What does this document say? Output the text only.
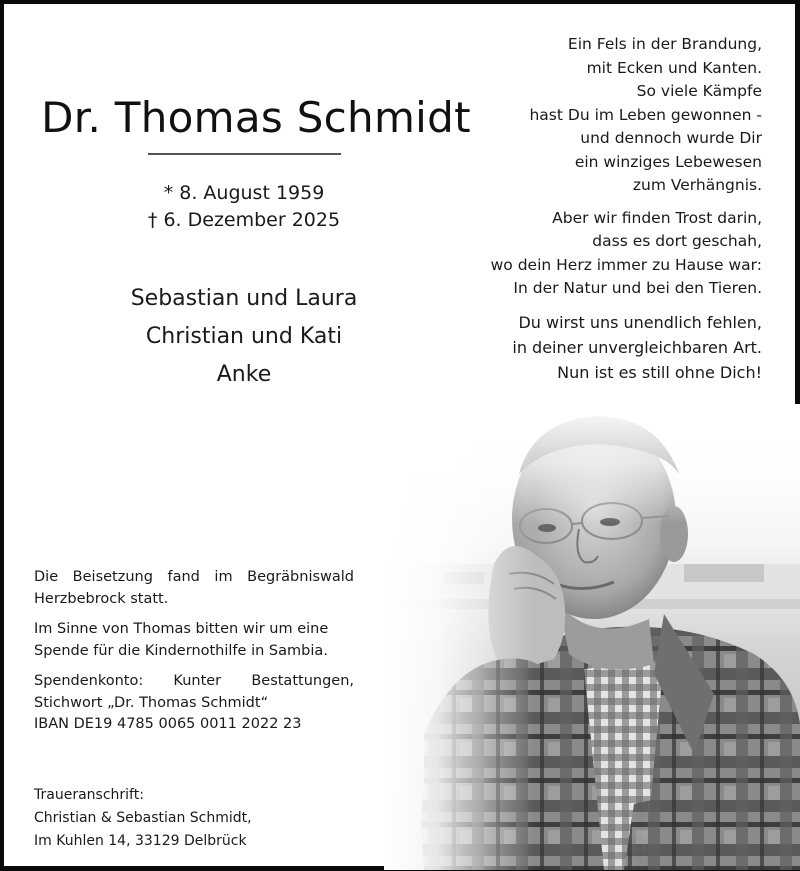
Dr. Thomas Schmidt
* 8. August 1959
† 6. Dezember 2025
Sebastian und Laura
Christian und Kati
Anke
Ein Fels in der Brandung,
mit Ecken und Kanten.
So viele Kämpfe
hast Du im Leben gewonnen -
und dennoch wurde Dir
ein winziges Lebewesen
zum Verhängnis.
Aber wir finden Trost darin,
dass es dort geschah,
wo dein Herz immer zu Hause war:
In der Natur und bei den Tieren.
Du wirst uns unendlich fehlen,
in deiner unvergleichbaren Art.
Nun ist es still ohne Dich!

Die Beisetzung fand im Begräbniswald
Herzbebrock statt.

Im Sinne von Thomas bitten wir um eine
Spende für die Kindernothilfe in Sambia.

Spendenkonto: Kunter Bestattungen,
Stichwort „Dr. Thomas Schmidt“
IBAN DE19 4785 0065 0011 2022 23

Traueranschrift:
Christian & Sebastian Schmidt,
Im Kuhlen 14, 33129 Delbrück
